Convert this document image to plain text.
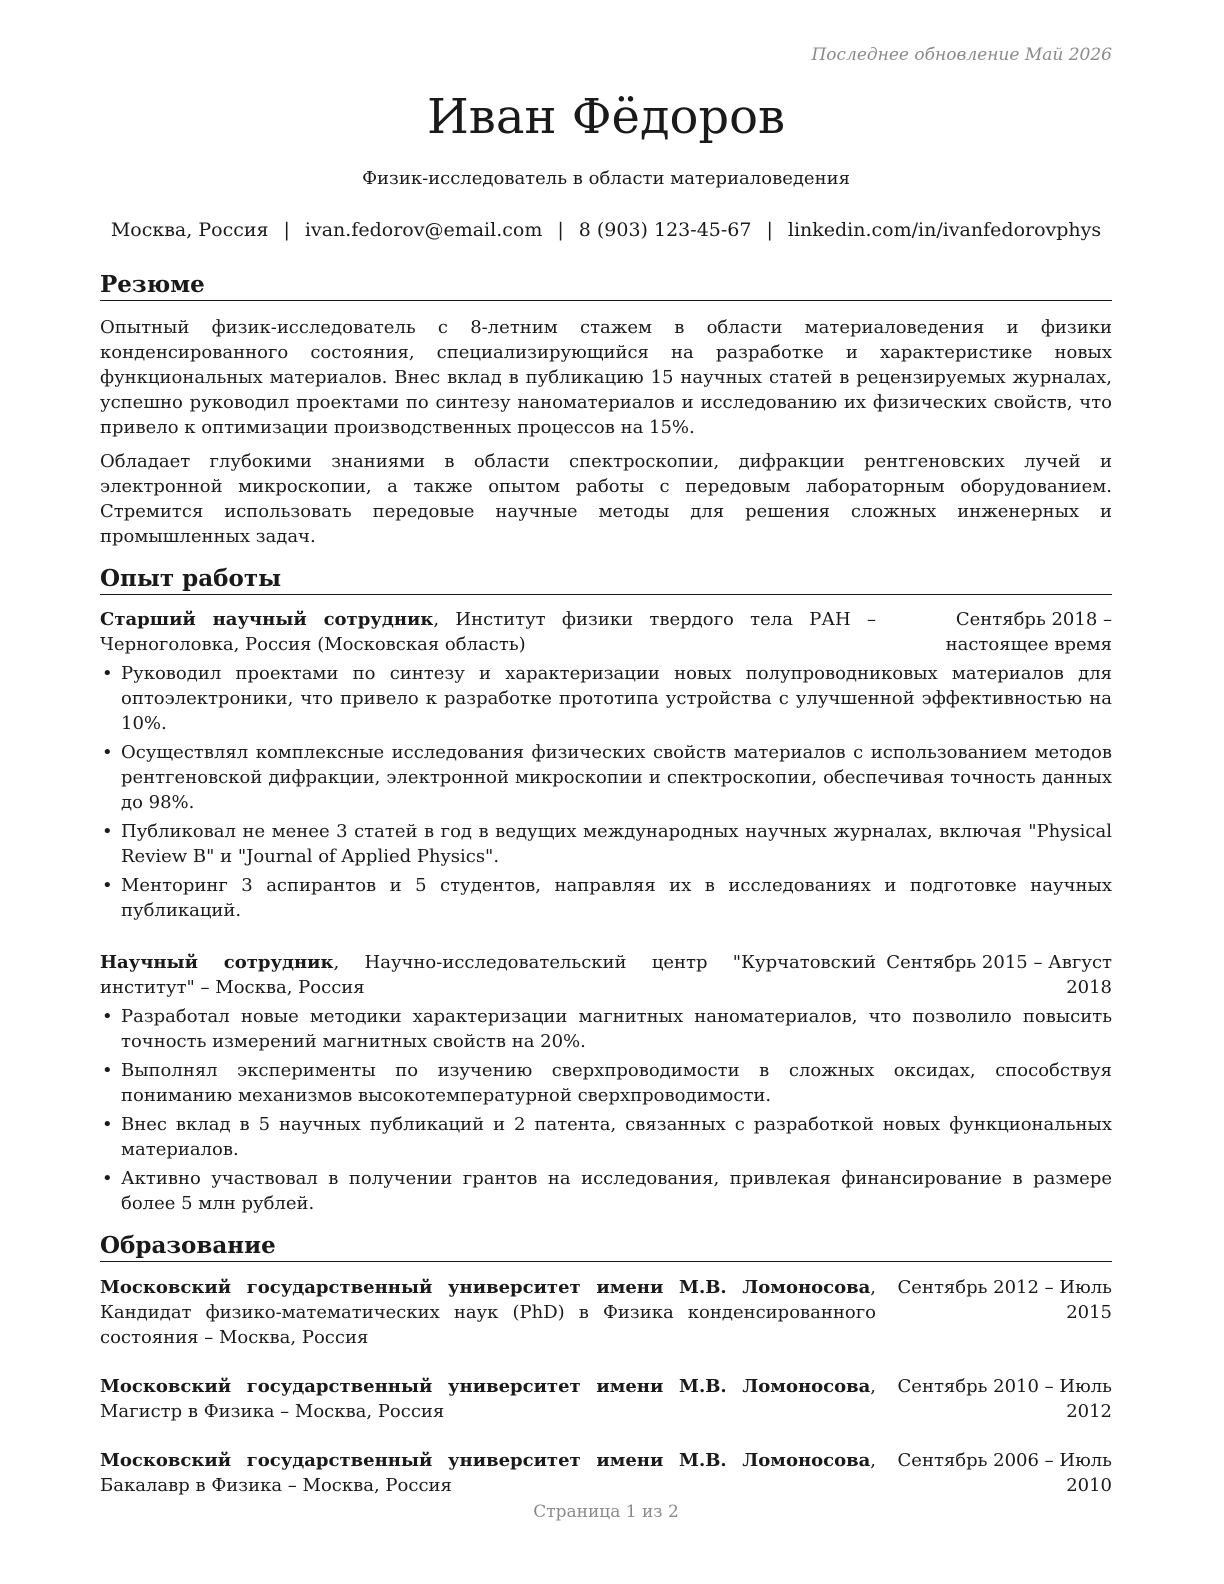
Последнее обновление Май 2026
Иван Фёдоров
Физик-исследователь в области материаловедения
Москва, Россия | ivan.fedorov@email.com | 8 (903) 123-45-67 | linkedin.com/in/ivanfedorovphys
Резюме

Опытный физик-исследователь с 8-летним стажем в области материаловедения и физики конденсированного состояния, специализирующийся на разработке и характеристике новых функциональных материалов. Внес вклад в публикацию 15 научных статей в рецензируемых журналах, успешно руководил проектами по синтезу наноматериалов и исследованию их физических свойств, что привело к оптимизации производственных процессов на 15%.

Обладает глубокими знаниями в области спектроскопии, дифракции рентгеновских лучей и электронной микроскопии, а также опытом работы с передовым лабораторным оборудованием. Стремится использовать передовые научные методы для решения сложных инженерных и промышленных задач.

Опыт работы
Старший научный сотрудник, Институт физики твердого тела РАН – Черноголовка, Россия (Московская область)
Сентябрь 2018 – настоящее время
• Руководил проектами по синтезу и характеризации новых полупроводниковых материалов для оптоэлектроники, что привело к разработке прототипа устройства с улучшенной эффективностью на 10%.
• Осуществлял комплексные исследования физических свойств материалов с использованием методов рентгеновской дифракции, электронной микроскопии и спектроскопии, обеспечивая точность данных до 98%.
• Публиковал не менее 3 статей в год в ведущих международных научных журналах, включая "Physical Review B" и "Journal of Applied Physics".
• Менторинг 3 аспирантов и 5 студентов, направляя их в исследованиях и подготовке научных публикаций.
Научный сотрудник, Научно-исследовательский центр "Курчатовский институт" – Москва, Россия
Сентябрь 2015 – Август 2018
• Разработал новые методики характеризации магнитных наноматериалов, что позволило повысить точность измерений магнитных свойств на 20%.
• Выполнял эксперименты по изучению сверхпроводимости в сложных оксидах, способствуя пониманию механизмов высокотемпературной сверхпроводимости.
• Внес вклад в 5 научных публикаций и 2 патента, связанных с разработкой новых функциональных материалов.
• Активно участвовал в получении грантов на исследования, привлекая финансирование в размере более 5 млн рублей.
Образование
Московский государственный университет имени М.В. Ломоносова, Кандидат физико-математических наук (PhD) в Физика конденсированного состояния – Москва, Россия
Сентябрь 2012 – Июль 2015
Московский государственный университет имени М.В. Ломоносова, Магистр в Физика – Москва, Россия
Сентябрь 2010 – Июль 2012
Московский государственный университет имени М.В. Ломоносова, Бакалавр в Физика – Москва, Россия
Сентябрь 2006 – Июль 2010
Страница 1 из 2
